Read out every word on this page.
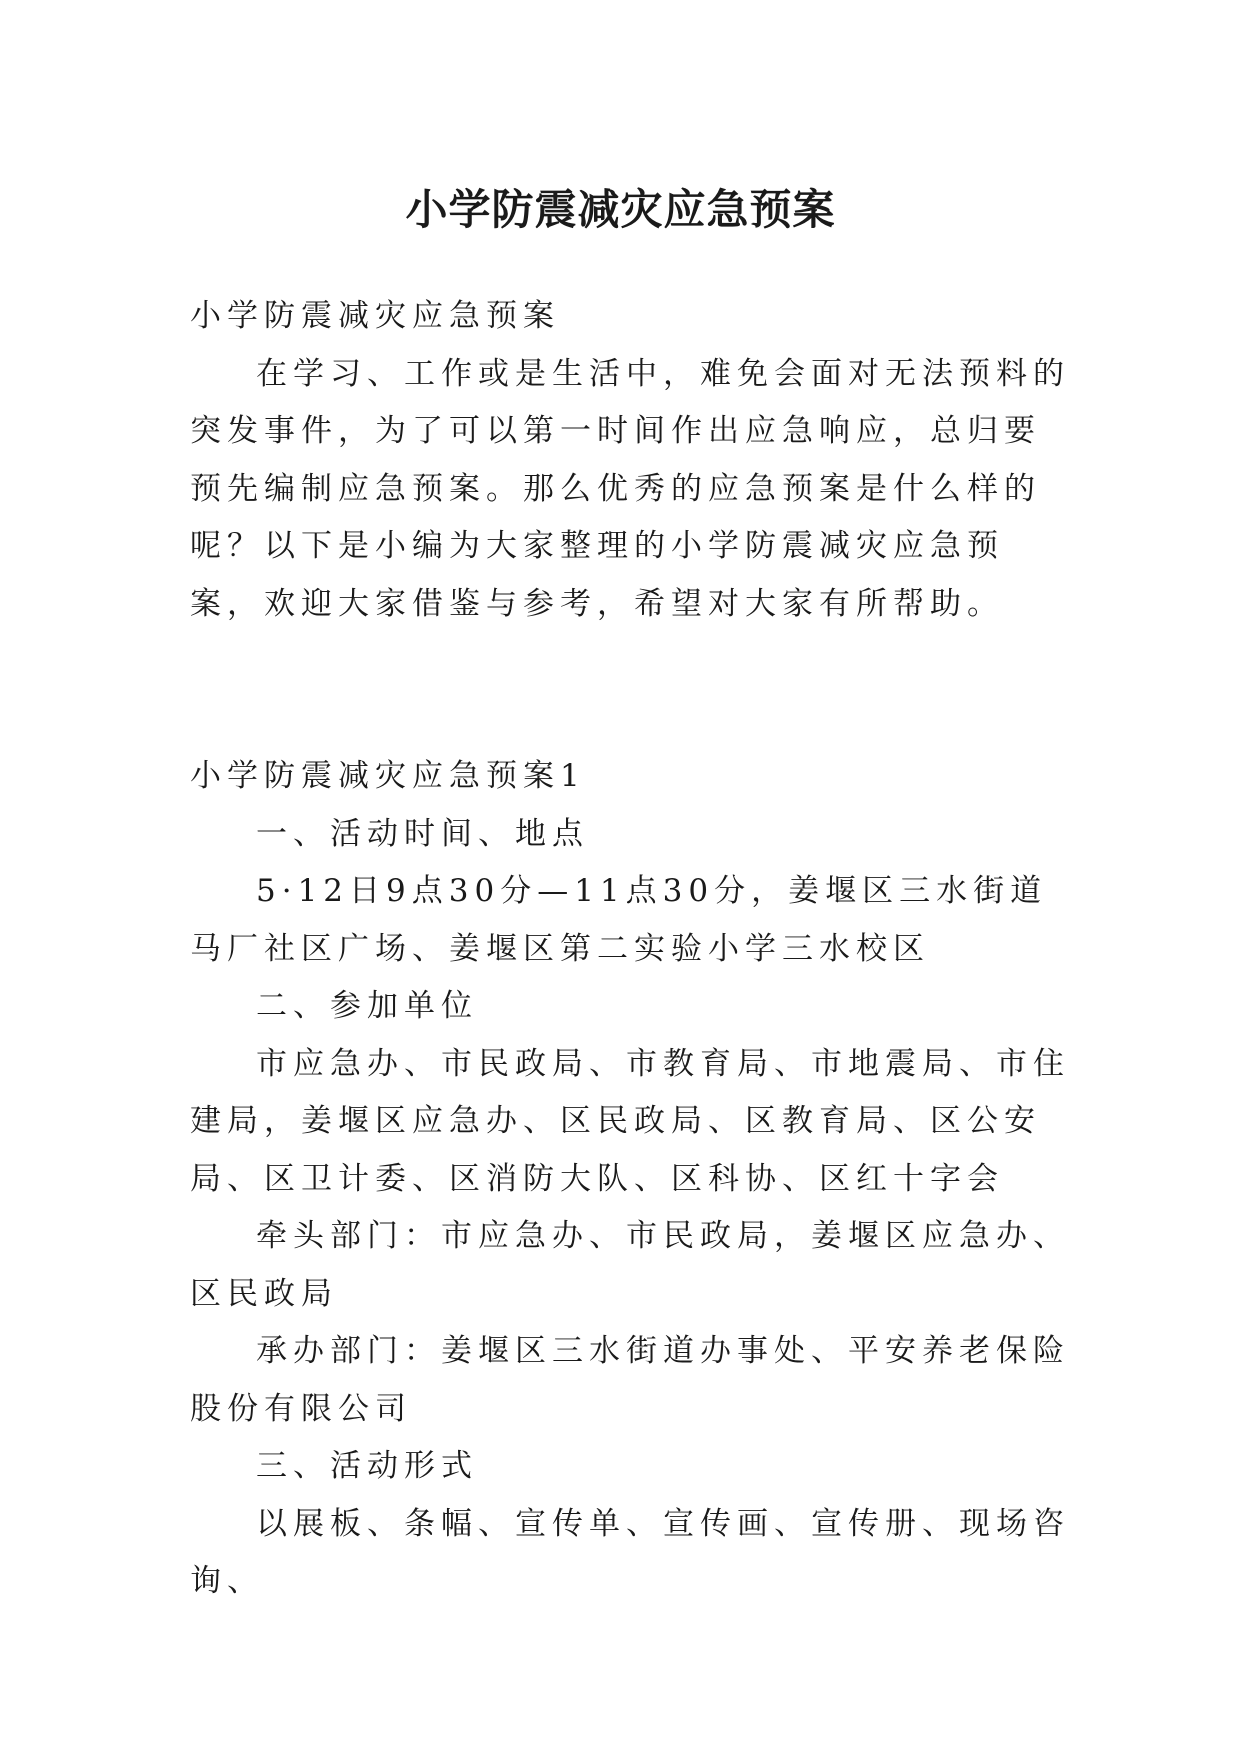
小学防震减灾应急预案

小学防震减灾应急预案

在学习、工作或是生活中，难免会面对无法预料的突发事件，为了可以第一时间作出应急响应，总归要预先编制应急预案。那么优秀的应急预案是什么样的呢？以下是小编为大家整理的小学防震减灾应急预案，欢迎大家借鉴与参考，希望对大家有所帮助。

小学防震减灾应急预案1

一、活动时间、地点

5·12日9点30分—11点30分，姜堰区三水街道马厂社区广场、姜堰区第二实验小学三水校区

二、参加单位

市应急办、市民政局、市教育局、市地震局、市住建局，姜堰区应急办、区民政局、区教育局、区公安局、区卫计委、区消防大队、区科协、区红十字会

牵头部门：市应急办、市民政局，姜堰区应急办、区民政局

承办部门：姜堰区三水街道办事处、平安养老保险股份有限公司

三、活动形式

以展板、条幅、宣传单、宣传画、宣传册、现场咨询、
